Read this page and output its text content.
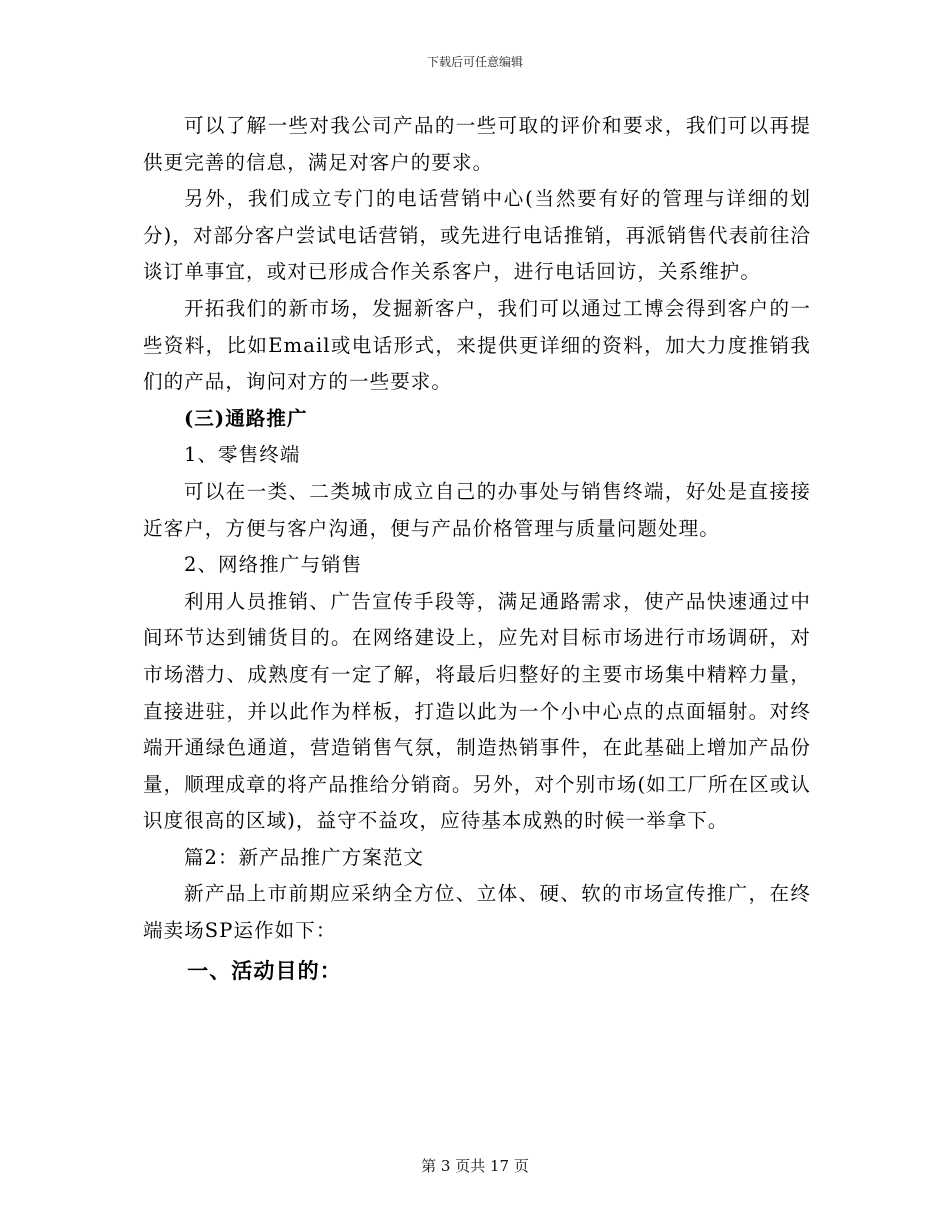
下载后可任意编辑

可以了解一些对我公司产品的一些可取的评价和要求，我们可以再提供更完善的信息，满足对客户的要求。

另外，我们成立专门的电话营销中心(当然要有好的管理与详细的划分)，对部分客户尝试电话营销，或先进行电话推销，再派销售代表前往洽谈订单事宜，或对已形成合作关系客户，进行电话回访，关系维护。

开拓我们的新市场，发掘新客户，我们可以通过工博会得到客户的一些资料，比如Email或电话形式，来提供更详细的资料，加大力度推销我们的产品，询问对方的一些要求。

(三)通路推广

1、零售终端

可以在一类、二类城市成立自己的办事处与销售终端，好处是直接接近客户，方便与客户沟通，便与产品价格管理与质量问题处理。

2、网络推广与销售

利用人员推销、广告宣传手段等，满足通路需求，使产品快速通过中间环节达到铺货目的。在网络建设上，应先对目标市场进行市场调研，对市场潜力、成熟度有一定了解，将最后归整好的主要市场集中精粹力量，直接进驻，并以此作为样板，打造以此为一个小中心点的点面辐射。对终端开通绿色通道，营造销售气氛，制造热销事件，在此基础上增加产品份量，顺理成章的将产品推给分销商。另外，对个别市场(如工厂所在区或认识度很高的区域)，益守不益攻，应待基本成熟的时候一举拿下。

篇2：新产品推广方案范文

新产品上市前期应采纳全方位、立体、硬、软的市场宣传推广，在终端卖场SP运作如下：

一、活动目的：

第 3 页共 17 页
